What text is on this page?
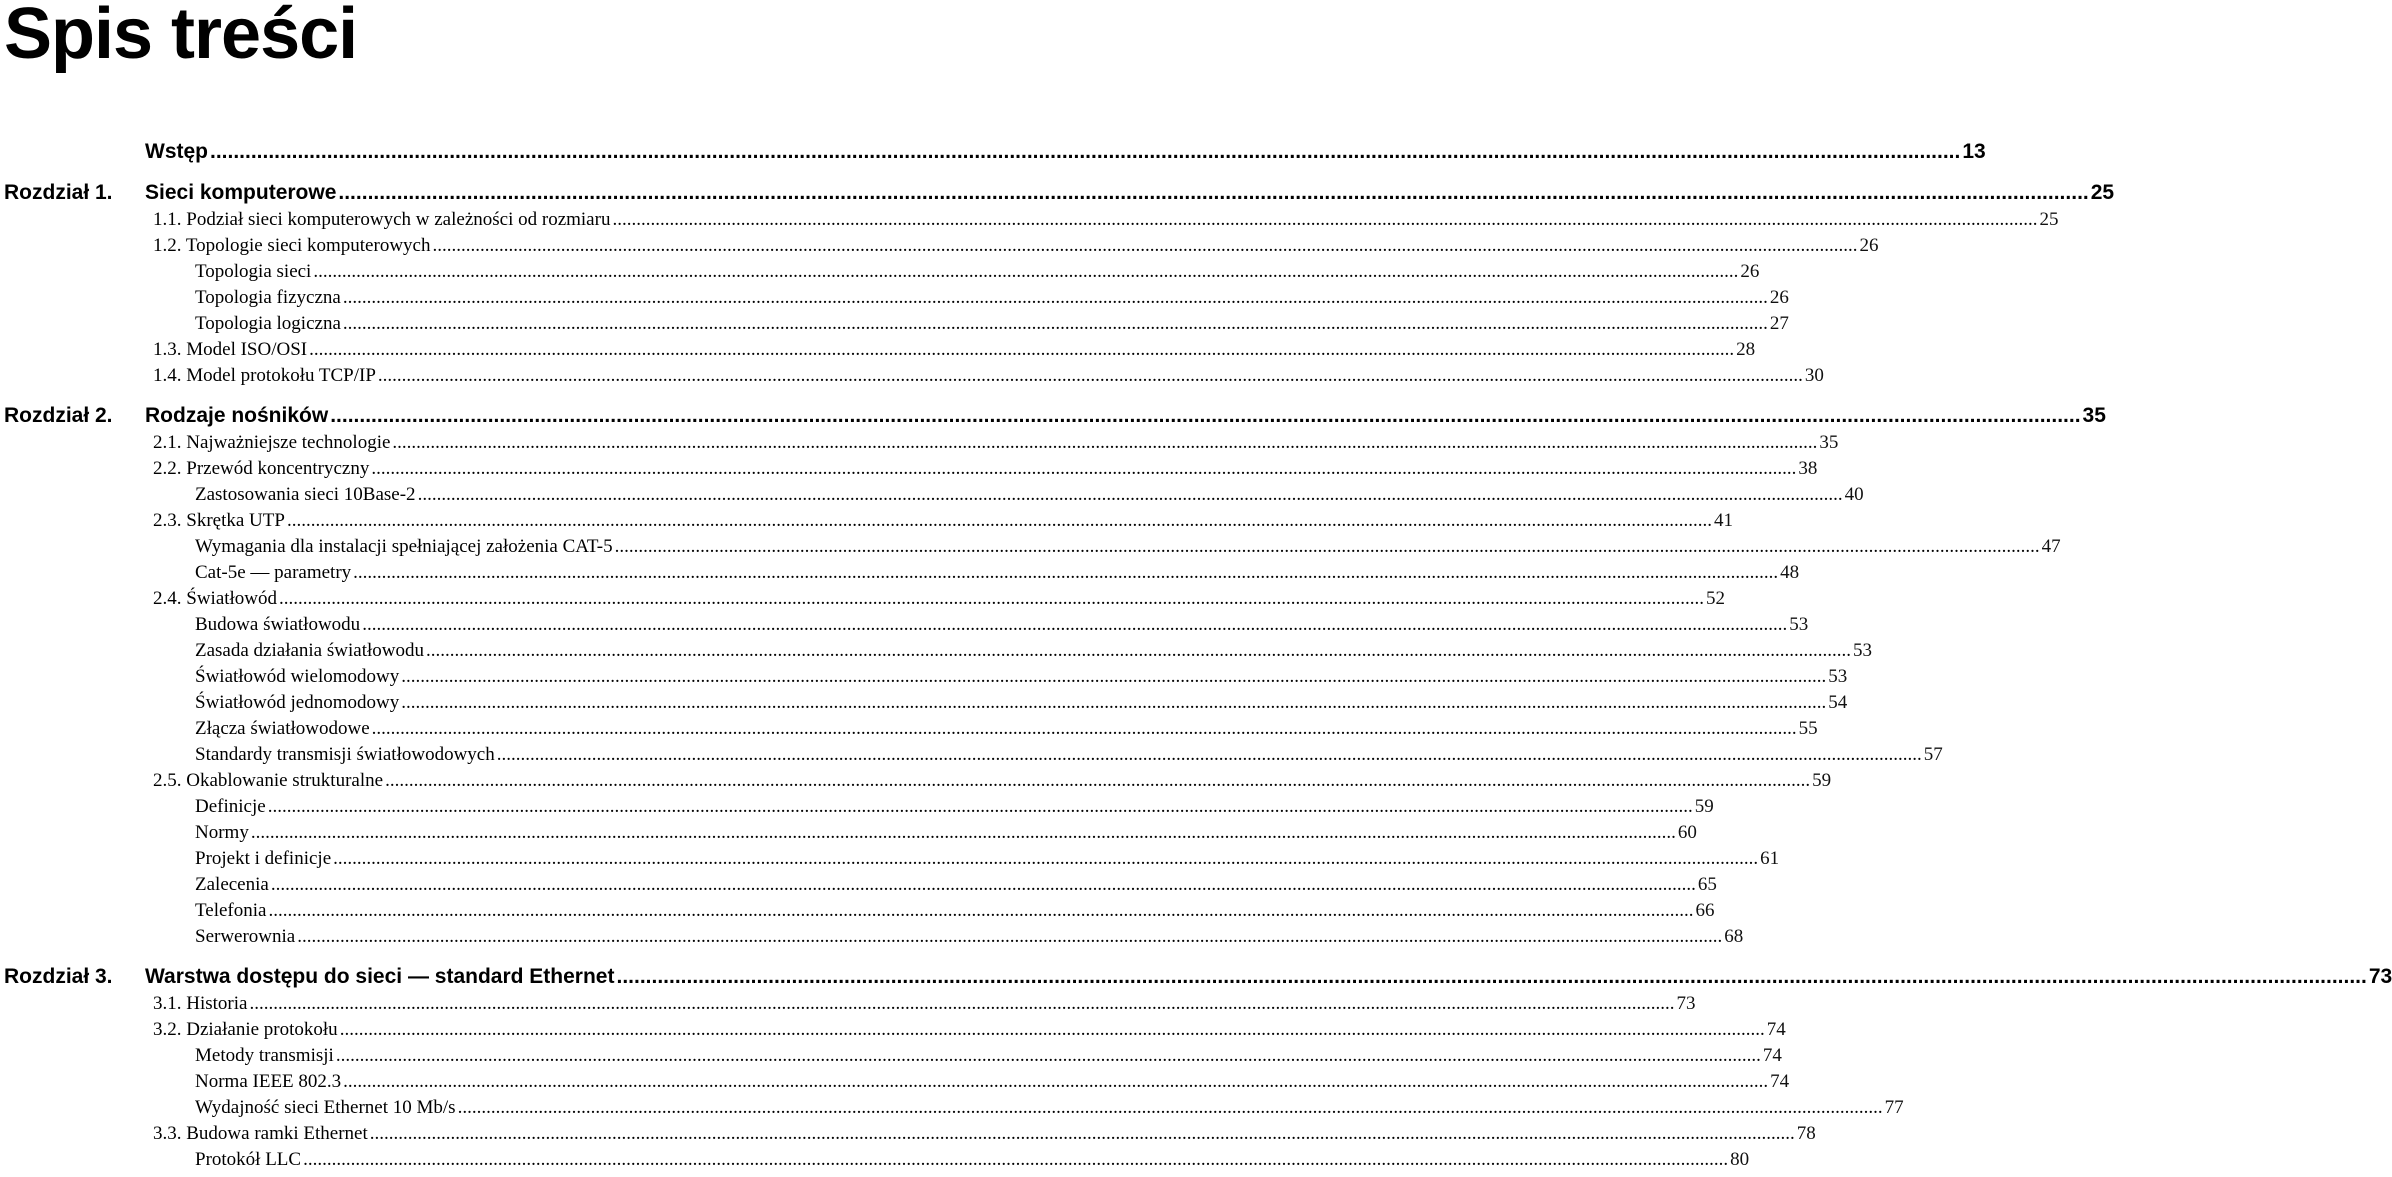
Spis treści
Wstęp ............................................................................................................................................................................................................................................................................................................ 13
Rozdział 1. Sieci komputerowe ............................................................................................................................................................................................................................................................................................................ 25
1.1. Podział sieci komputerowych w zależności od rozmiaru ............................................................................................................................................................................................................................................................................................................ 25
1.2. Topologie sieci komputerowych ............................................................................................................................................................................................................................................................................................................ 26
Topologia sieci ............................................................................................................................................................................................................................................................................................................ 26
Topologia fizyczna ............................................................................................................................................................................................................................................................................................................ 26
Topologia logiczna ............................................................................................................................................................................................................................................................................................................ 27
1.3. Model ISO/OSI ............................................................................................................................................................................................................................................................................................................ 28
1.4. Model protokołu TCP/IP ............................................................................................................................................................................................................................................................................................................ 30
Rozdział 2. Rodzaje nośników ............................................................................................................................................................................................................................................................................................................ 35
2.1. Najważniejsze technologie ............................................................................................................................................................................................................................................................................................................ 35
2.2. Przewód koncentryczny ............................................................................................................................................................................................................................................................................................................ 38
Zastosowania sieci 10Base-2 ............................................................................................................................................................................................................................................................................................................ 40
2.3. Skrętka UTP ............................................................................................................................................................................................................................................................................................................ 41
Wymagania dla instalacji spełniającej założenia CAT-5 ............................................................................................................................................................................................................................................................................................................ 47
Cat-5e — parametry ............................................................................................................................................................................................................................................................................................................ 48
2.4. Światłowód ............................................................................................................................................................................................................................................................................................................ 52
Budowa światłowodu ............................................................................................................................................................................................................................................................................................................ 53
Zasada działania światłowodu ............................................................................................................................................................................................................................................................................................................ 53
Światłowód wielomodowy ............................................................................................................................................................................................................................................................................................................ 53
Światłowód jednomodowy ............................................................................................................................................................................................................................................................................................................ 54
Złącza światłowodowe ............................................................................................................................................................................................................................................................................................................ 55
Standardy transmisji światłowodowych ............................................................................................................................................................................................................................................................................................................ 57
2.5. Okablowanie strukturalne ............................................................................................................................................................................................................................................................................................................ 59
Definicje ............................................................................................................................................................................................................................................................................................................ 59
Normy ............................................................................................................................................................................................................................................................................................................ 60
Projekt i definicje ............................................................................................................................................................................................................................................................................................................ 61
Zalecenia ............................................................................................................................................................................................................................................................................................................ 65
Telefonia ............................................................................................................................................................................................................................................................................................................ 66
Serwerownia ............................................................................................................................................................................................................................................................................................................ 68
Rozdział 3. Warstwa dostępu do sieci — standard Ethernet ............................................................................................................................................................................................................................................................................................................ 73
3.1. Historia ............................................................................................................................................................................................................................................................................................................ 73
3.2. Działanie protokołu ............................................................................................................................................................................................................................................................................................................ 74
Metody transmisji ............................................................................................................................................................................................................................................................................................................ 74
Norma IEEE 802.3 ............................................................................................................................................................................................................................................................................................................ 74
Wydajność sieci Ethernet 10 Mb/s ............................................................................................................................................................................................................................................................................................................ 77
3.3. Budowa ramki Ethernet ............................................................................................................................................................................................................................................................................................................ 78
Protokół LLC ............................................................................................................................................................................................................................................................................................................ 80
